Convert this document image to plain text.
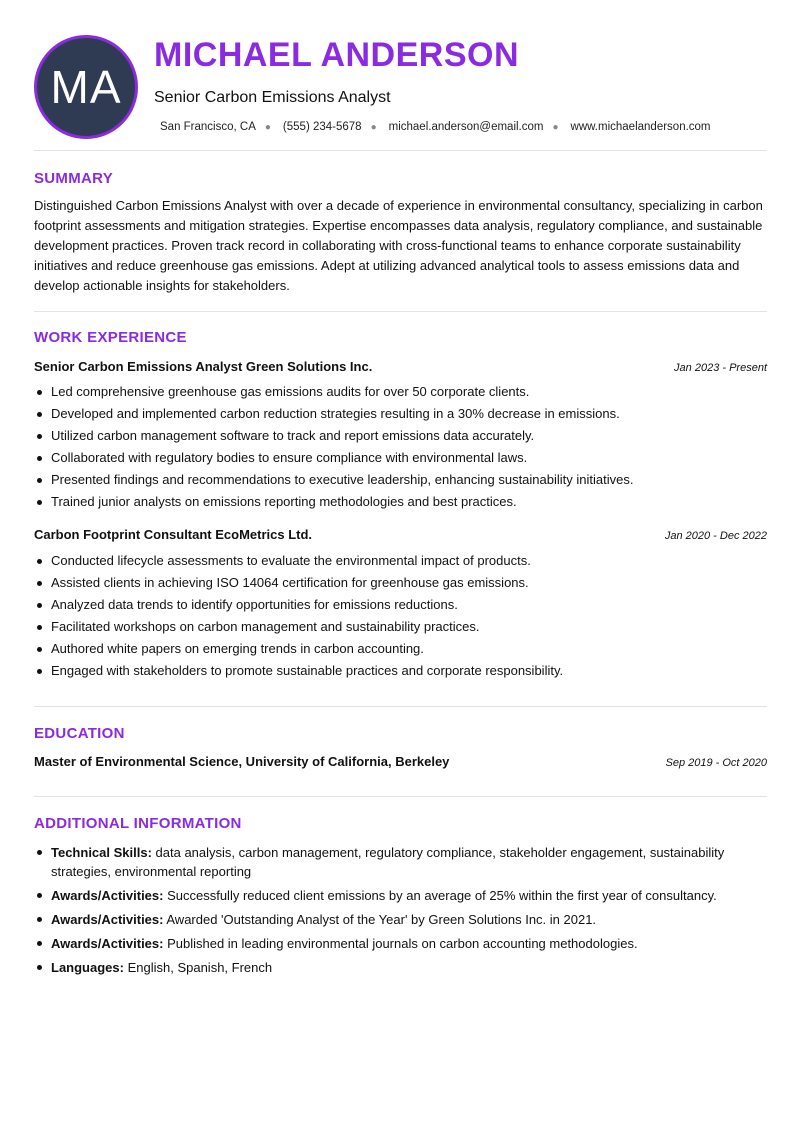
MA
MICHAEL ANDERSON
Senior Carbon Emissions Analyst
San Francisco, CA ● (555) 234-5678 ● michael.anderson@email.com ● www.michaelanderson.com
SUMMARY
Distinguished Carbon Emissions Analyst with over a decade of experience in environmental consultancy, specializing in carbon footprint assessments and mitigation strategies. Expertise encompasses data analysis, regulatory compliance, and sustainable development practices. Proven track record in collaborating with cross-functional teams to enhance corporate sustainability initiatives and reduce greenhouse gas emissions. Adept at utilizing advanced analytical tools to assess emissions data and develop actionable insights for stakeholders.
WORK EXPERIENCE
Senior Carbon Emissions Analyst Green Solutions Inc.	Jan 2023 - Present
Led comprehensive greenhouse gas emissions audits for over 50 corporate clients.
Developed and implemented carbon reduction strategies resulting in a 30% decrease in emissions.
Utilized carbon management software to track and report emissions data accurately.
Collaborated with regulatory bodies to ensure compliance with environmental laws.
Presented findings and recommendations to executive leadership, enhancing sustainability initiatives.
Trained junior analysts on emissions reporting methodologies and best practices.
Carbon Footprint Consultant EcoMetrics Ltd.	Jan 2020 - Dec 2022
Conducted lifecycle assessments to evaluate the environmental impact of products.
Assisted clients in achieving ISO 14064 certification for greenhouse gas emissions.
Analyzed data trends to identify opportunities for emissions reductions.
Facilitated workshops on carbon management and sustainability practices.
Authored white papers on emerging trends in carbon accounting.
Engaged with stakeholders to promote sustainable practices and corporate responsibility.
EDUCATION
Master of Environmental Science, University of California, Berkeley	Sep 2019 - Oct 2020
ADDITIONAL INFORMATION
Technical Skills: data analysis, carbon management, regulatory compliance, stakeholder engagement, sustainability strategies, environmental reporting
Awards/Activities: Successfully reduced client emissions by an average of 25% within the first year of consultancy.
Awards/Activities: Awarded 'Outstanding Analyst of the Year' by Green Solutions Inc. in 2021.
Awards/Activities: Published in leading environmental journals on carbon accounting methodologies.
Languages: English, Spanish, French
